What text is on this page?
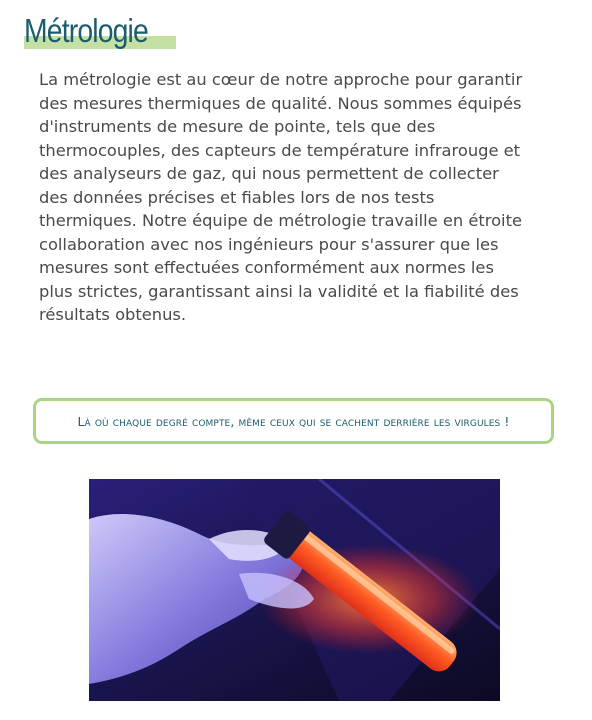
Métrologie

La métrologie est au cœur de notre approche pour garantir des mesures thermiques de qualité. Nous sommes équipés d'instruments de mesure de pointe, tels que des thermocouples, des capteurs de température infrarouge et des analyseurs de gaz, qui nous permettent de collecter des données précises et fiables lors de nos tests thermiques. Notre équipe de métrologie travaille en étroite collaboration avec nos ingénieurs pour s'assurer que les mesures sont effectuées conformément aux normes les plus strictes, garantissant ainsi la validité et la fiabilité des résultats obtenus.

Là où chaque degré compte, même ceux qui se cachent derrière les virgules !
